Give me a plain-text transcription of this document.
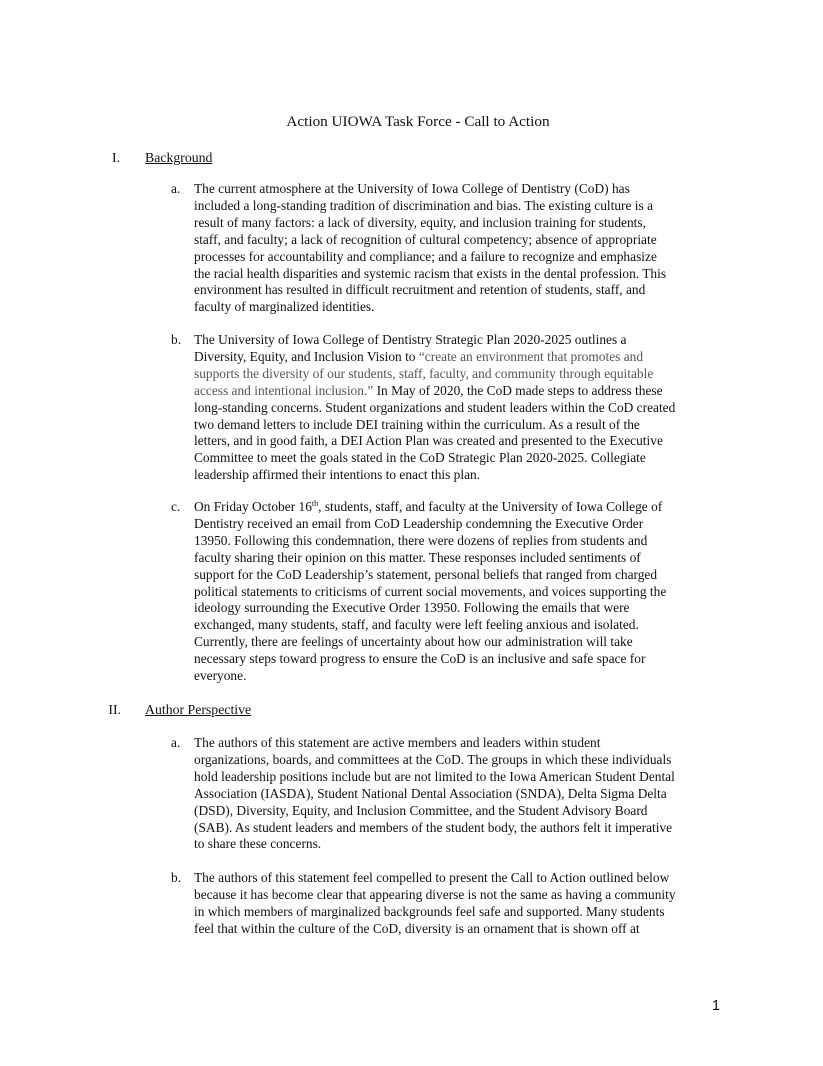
Action UIOWA Task Force - Call to Action
I. Background
a. The current atmosphere at the University of Iowa College of Dentistry (CoD) has
included a long-standing tradition of discrimination and bias. The existing culture is a
result of many factors: a lack of diversity, equity, and inclusion training for students,
staff, and faculty; a lack of recognition of cultural competency; absence of appropriate
processes for accountability and compliance; and a failure to recognize and emphasize
the racial health disparities and systemic racism that exists in the dental profession. This
environment has resulted in difficult recruitment and retention of students, staff, and
faculty of marginalized identities.
b. The University of Iowa College of Dentistry Strategic Plan 2020-2025 outlines a
Diversity, Equity, and Inclusion Vision to “create an environment that promotes and
supports the diversity of our students, staff, faculty, and community through equitable
access and intentional inclusion.” In May of 2020, the CoD made steps to address these
long-standing concerns. Student organizations and student leaders within the CoD created
two demand letters to include DEI training within the curriculum. As a result of the
letters, and in good faith, a DEI Action Plan was created and presented to the Executive
Committee to meet the goals stated in the CoD Strategic Plan 2020-2025. Collegiate
leadership affirmed their intentions to enact this plan.
c. On Friday October 16th, students, staff, and faculty at the University of Iowa College of
Dentistry received an email from CoD Leadership condemning the Executive Order
13950. Following this condemnation, there were dozens of replies from students and
faculty sharing their opinion on this matter. These responses included sentiments of
support for the CoD Leadership’s statement, personal beliefs that ranged from charged
political statements to criticisms of current social movements, and voices supporting the
ideology surrounding the Executive Order 13950. Following the emails that were
exchanged, many students, staff, and faculty were left feeling anxious and isolated.
Currently, there are feelings of uncertainty about how our administration will take
necessary steps toward progress to ensure the CoD is an inclusive and safe space for
everyone.
II. Author Perspective
a. The authors of this statement are active members and leaders within student
organizations, boards, and committees at the CoD. The groups in which these individuals
hold leadership positions include but are not limited to the Iowa American Student Dental
Association (IASDA), Student National Dental Association (SNDA), Delta Sigma Delta
(DSD), Diversity, Equity, and Inclusion Committee, and the Student Advisory Board
(SAB). As student leaders and members of the student body, the authors felt it imperative
to share these concerns.
b. The authors of this statement feel compelled to present the Call to Action outlined below
because it has become clear that appearing diverse is not the same as having a community
in which members of marginalized backgrounds feel safe and supported. Many students
feel that within the culture of the CoD, diversity is an ornament that is shown off at
1
